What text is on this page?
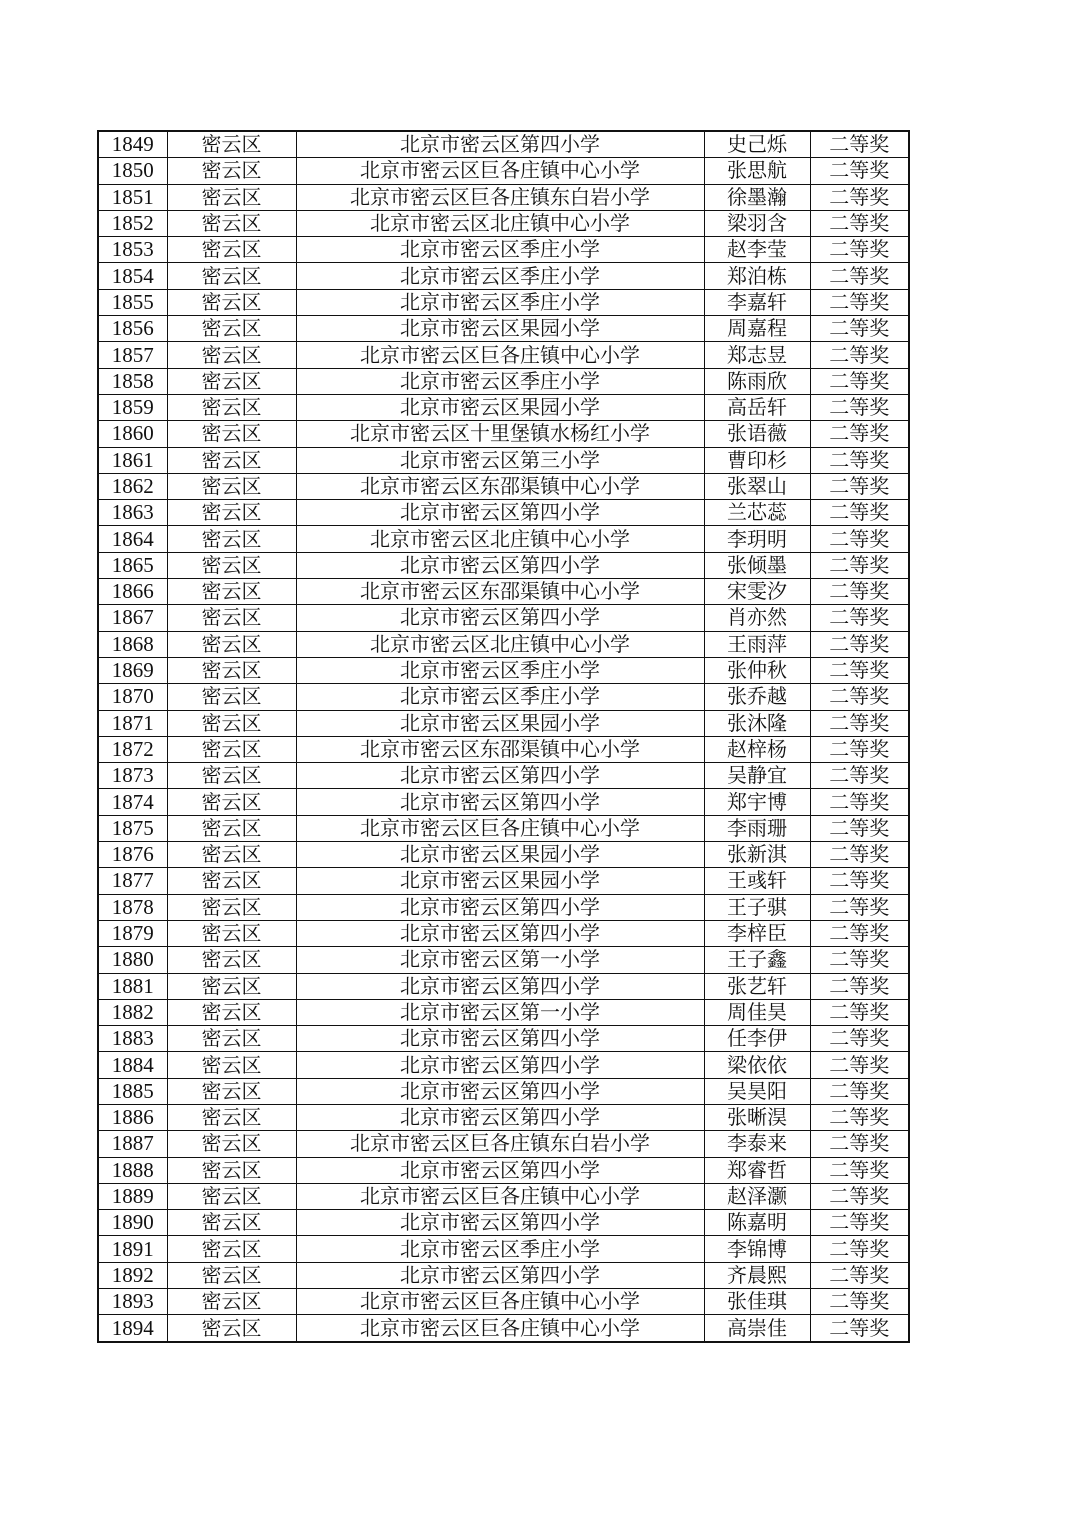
1849	密云区	北京市密云区第四小学	史己烁	二等奖
1850	密云区	北京市密云区巨各庄镇中心小学	张思航	二等奖
1851	密云区	北京市密云区巨各庄镇东白岩小学	徐墨瀚	二等奖
1852	密云区	北京市密云区北庄镇中心小学	梁羽含	二等奖
1853	密云区	北京市密云区季庄小学	赵李莹	二等奖
1854	密云区	北京市密云区季庄小学	郑泊栋	二等奖
1855	密云区	北京市密云区季庄小学	李嘉轩	二等奖
1856	密云区	北京市密云区果园小学	周嘉程	二等奖
1857	密云区	北京市密云区巨各庄镇中心小学	郑志昱	二等奖
1858	密云区	北京市密云区季庄小学	陈雨欣	二等奖
1859	密云区	北京市密云区果园小学	高岳轩	二等奖
1860	密云区	北京市密云区十里堡镇水杨红小学	张语薇	二等奖
1861	密云区	北京市密云区第三小学	曹印杉	二等奖
1862	密云区	北京市密云区东邵渠镇中心小学	张翠山	二等奖
1863	密云区	北京市密云区第四小学	兰芯蕊	二等奖
1864	密云区	北京市密云区北庄镇中心小学	李玥明	二等奖
1865	密云区	北京市密云区第四小学	张倾墨	二等奖
1866	密云区	北京市密云区东邵渠镇中心小学	宋雯汐	二等奖
1867	密云区	北京市密云区第四小学	肖亦然	二等奖
1868	密云区	北京市密云区北庄镇中心小学	王雨萍	二等奖
1869	密云区	北京市密云区季庄小学	张仲秋	二等奖
1870	密云区	北京市密云区季庄小学	张乔越	二等奖
1871	密云区	北京市密云区果园小学	张沐隆	二等奖
1872	密云区	北京市密云区东邵渠镇中心小学	赵梓杨	二等奖
1873	密云区	北京市密云区第四小学	吴静宜	二等奖
1874	密云区	北京市密云区第四小学	郑宇博	二等奖
1875	密云区	北京市密云区巨各庄镇中心小学	李雨珊	二等奖
1876	密云区	北京市密云区果园小学	张新淇	二等奖
1877	密云区	北京市密云区果园小学	王彧轩	二等奖
1878	密云区	北京市密云区第四小学	王子骐	二等奖
1879	密云区	北京市密云区第四小学	李梓臣	二等奖
1880	密云区	北京市密云区第一小学	王子鑫	二等奖
1881	密云区	北京市密云区第四小学	张艺轩	二等奖
1882	密云区	北京市密云区第一小学	周佳昊	二等奖
1883	密云区	北京市密云区第四小学	任李伊	二等奖
1884	密云区	北京市密云区第四小学	梁依依	二等奖
1885	密云区	北京市密云区第四小学	吴昊阳	二等奖
1886	密云区	北京市密云区第四小学	张晰淏	二等奖
1887	密云区	北京市密云区巨各庄镇东白岩小学	李泰来	二等奖
1888	密云区	北京市密云区第四小学	郑睿哲	二等奖
1889	密云区	北京市密云区巨各庄镇中心小学	赵泽灏	二等奖
1890	密云区	北京市密云区第四小学	陈嘉明	二等奖
1891	密云区	北京市密云区季庄小学	李锦博	二等奖
1892	密云区	北京市密云区第四小学	齐晨熙	二等奖
1893	密云区	北京市密云区巨各庄镇中心小学	张佳琪	二等奖
1894	密云区	北京市密云区巨各庄镇中心小学	高崇佳	二等奖
